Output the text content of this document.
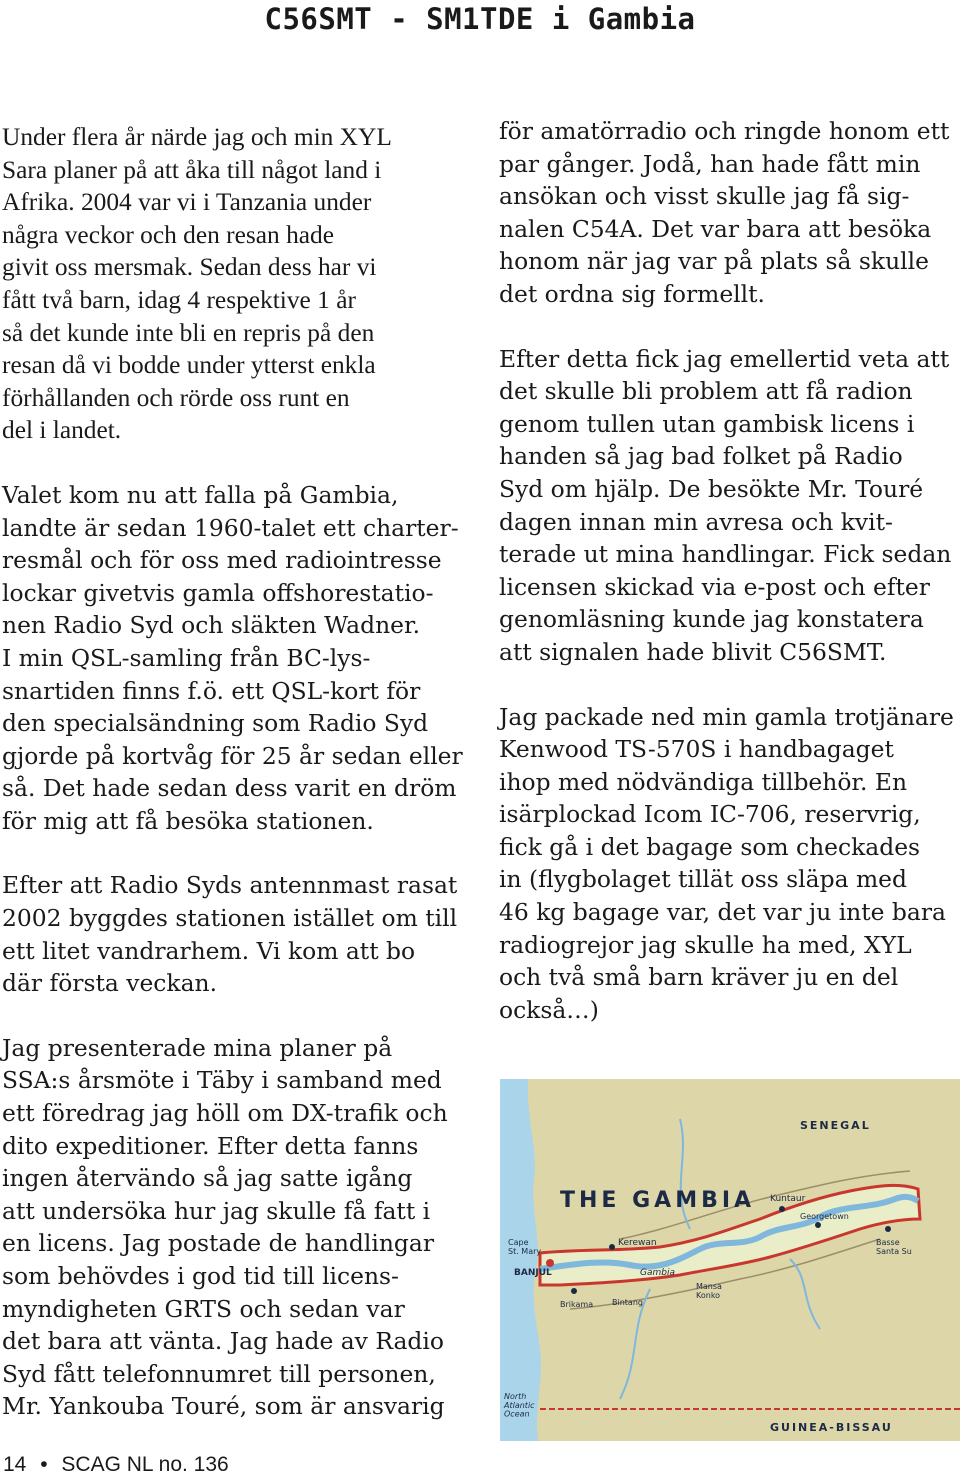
C56SMT - SM1TDE i Gambia

Under flera år närde jag och min XYL
Sara planer på att åka till något land i
Afrika. 2004 var vi i Tanzania under
några veckor och den resan hade
givit oss mersmak. Sedan dess har vi
fått två barn, idag 4 respektive 1 år
så det kunde inte bli en repris på den
resan då vi bodde under ytterst enkla
förhållanden och rörde oss runt en
del i landet.

Valet kom nu att falla på Gambia,
landte är sedan 1960-talet ett charter-
resmål och för oss med radiointresse
lockar givetvis gamla offshorestatio-
nen Radio Syd och släkten Wadner.
I min QSL-samling från BC-lys-
snartiden finns f.ö. ett QSL-kort för
den specialsändning som Radio Syd
gjorde på kortvåg för 25 år sedan eller
så. Det hade sedan dess varit en dröm
för mig att få besöka stationen.

Efter att Radio Syds antennmast rasat
2002 byggdes stationen istället om till
ett litet vandrarhem. Vi kom att bo
där första veckan.

Jag presenterade mina planer på
SSA:s årsmöte i Täby i samband med
ett föredrag jag höll om DX-trafik och
dito expeditioner. Efter detta fanns
ingen återvändo så jag satte igång
att undersöka hur jag skulle få fatt i
en licens. Jag postade de handlingar
som behövdes i god tid till licens-
myndigheten GRTS och sedan var
det bara att vänta. Jag hade av Radio
Syd fått telefonnumret till personen,
Mr. Yankouba Touré, som är ansvarig

för amatörradio och ringde honom ett
par gånger. Jodå, han hade fått min
ansökan och visst skulle jag få sig-
nalen C54A. Det var bara att besöka
honom när jag var på plats så skulle
det ordna sig formellt.

Efter detta fick jag emellertid veta att
det skulle bli problem att få radion
genom tullen utan gambisk licens i
handen så jag bad folket på Radio
Syd om hjälp. De besökte Mr. Touré
dagen innan min avresa och kvit-
terade ut mina handlingar. Fick sedan
licensen skickad via e-post och efter
genomläsning kunde jag konstatera
att signalen hade blivit C56SMT.

Jag packade ned min gamla trotjänare
Kenwood TS-570S i handbagaget
ihop med nödvändiga tillbehör. En
isärplockad Icom IC-706, reservrig,
fick gå i det bagage som checkades
in (flygbolaget tillät oss släpa med
46 kg bagage var, det var ju inte bara
radiogrejor jag skulle ha med, XYL
och två små barn kräver ju en del
också…)

SENEGAL
THE GAMBIA
Cape St. Mary
BANJUL
Kerewan
Gambia
Brikama Bintang
Mansa Konko
Kuntaur
Georgetown
Basse Santa Su
North Atlantic Ocean
GUINEA-BISSAU
14 • SCAG NL no. 136
